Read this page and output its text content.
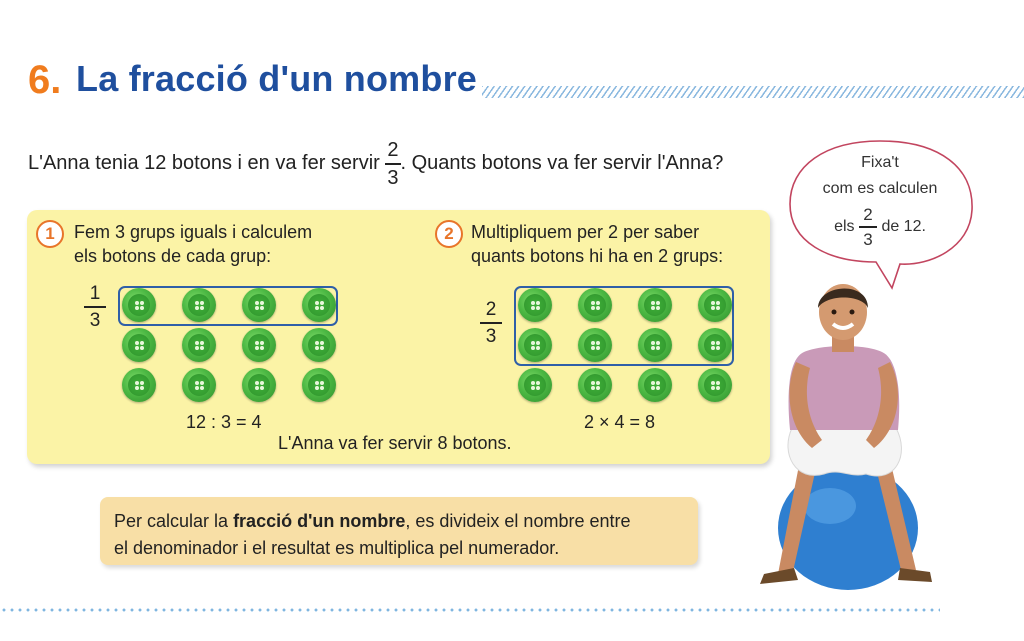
6. La fracció d'un nombre
L'Anna tenia 12 botons i en va fer servir $\frac{2}{3}$ . Quants botons va fer servir l'Anna?
1	Fem 3 grups iguals i calculem
els botons de cada grup:
$\frac{1}{3}$
12 : 3 = 4
2 Multipliquem per 2 per saber
quants botons hi ha en 2 grups:
$\frac{2}{3}$
2 × 4 = 8
L'Anna va fer servir 8 botons.
Per calcular la fracció d'un nombre, es divideix el nombre entre
el denominador i el resultat es multiplica pel numerador.
Fixa't
com es calculen
els $\frac{2}{3}$ de 12.
